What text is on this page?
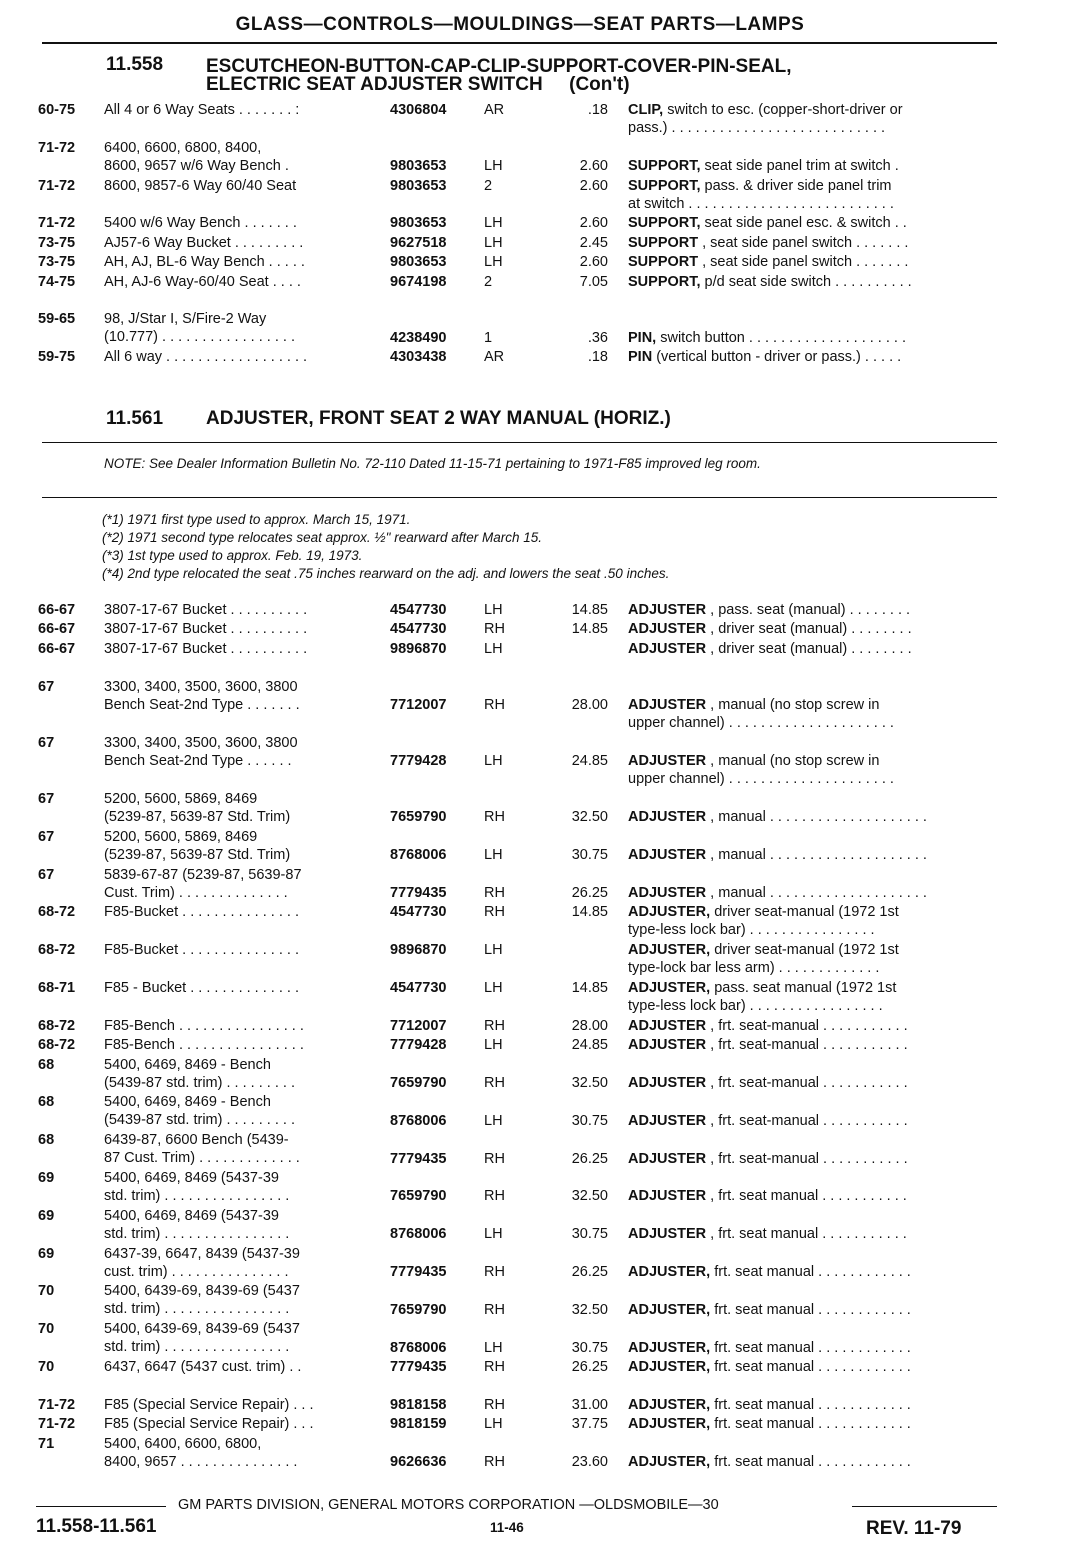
GLASS—CONTROLS—MOULDINGS—SEAT PARTS—LAMPS
11.558 ESCUTCHEON-BUTTON-CAP-CLIP-SUPPORT-COVER-PIN-SEAL,
ELECTRIC SEAT ADJUSTER SWITCH     (Con't)
60-75	All 4 or 6 Way Seats . . . . . . . :	4306804	AR	.18 CLIP, switch to esc. (copper-short-driver or
pass.) . . . . . . . . . . . . . . . . . . . . . . . . . . .
71-72	6400, 6600, 6800, 8400,
8600, 9657 w/6 Way Bench .	9803653	LH	2.60 SUPPORT, seat side panel trim at switch .
71-72	8600, 9857-6 Way 60/40 Seat	9803653	2	2.60 SUPPORT, pass. & driver side panel trim
at switch . . . . . . . . . . . . . . . . . . . . . . . . . .
71-72	5400 w/6 Way Bench . . . . . . .	9803653	LH	2.60 SUPPORT, seat side panel esc. & switch . .
73-75	AJ57-6 Way Bucket . . . . . . . . .	9627518	LH	2.45 SUPPORT , seat side panel switch . . . . . . .
73-75	AH, AJ, BL-6 Way Bench . . . . .	9803653	LH	2.60 SUPPORT , seat side panel switch . . . . . . .
74-75	AH, AJ-6 Way-60/40 Seat . . . .	9674198	2	7.05 SUPPORT, p/d seat side switch . . . . . . . . . .
59-65	98, J/Star I, S/Fire-2 Way
(10.777) . . . . . . . . . . . . . . . . .	4238490	1	.36 PIN, switch button . . . . . . . . . . . . . . . . . . . .
59-75	All 6 way . . . . . . . . . . . . . . . . . .	4303438	AR	.18 PIN (vertical button - driver or pass.) . . . . .
11.561 ADJUSTER, FRONT SEAT 2 WAY MANUAL (HORIZ.)
NOTE: See Dealer Information Bulletin No. 72-110 Dated 11-15-71 pertaining to 1971-F85 improved leg room.
(*1) 1971 first type used to approx. March 15, 1971.
(*2) 1971 second type relocates seat approx. ½" rearward after March 15.
(*3) 1st type used to approx. Feb. 19, 1973.
(*4) 2nd type relocated the seat .75 inches rearward on the adj. and lowers the seat .50 inches.
66-67	3807-17-67 Bucket . . . . . . . . . .	4547730	LH	14.85 ADJUSTER , pass. seat (manual) . . . . . . . .
66-67	3807-17-67 Bucket . . . . . . . . . .	4547730	RH	14.85 ADJUSTER , driver seat (manual) . . . . . . . .
66-67	3807-17-67 Bucket . . . . . . . . . .	9896870	LH	ADJUSTER , driver seat (manual) . . . . . . . .
67	3300, 3400, 3500, 3600, 3800
Bench Seat-2nd Type . . . . . . .	7712007	RH	28.00 ADJUSTER , manual (no stop screw in
upper channel) . . . . . . . . . . . . . . . . . . . . .
67	3300, 3400, 3500, 3600, 3800
Bench Seat-2nd Type . . . . . .	7779428	LH	24.85 ADJUSTER , manual (no stop screw in
upper channel) . . . . . . . . . . . . . . . . . . . . .
67	5200, 5600, 5869, 8469
(5239-87, 5639-87 Std. Trim)	7659790	RH	32.50 ADJUSTER , manual . . . . . . . . . . . . . . . . . . . .
67	5200, 5600, 5869, 8469
(5239-87, 5639-87 Std. Trim)	8768006	LH	30.75 ADJUSTER , manual . . . . . . . . . . . . . . . . . . . .
67	5839-67-87 (5239-87, 5639-87
Cust. Trim) . . . . . . . . . . . . . .	7779435	RH	26.25 ADJUSTER , manual . . . . . . . . . . . . . . . . . . . .
68-72	F85-Bucket . . . . . . . . . . . . . . .	4547730	RH	14.85 ADJUSTER, driver seat-manual (1972 1st
type-less lock bar) . . . . . . . . . . . . . . . .
68-72	F85-Bucket . . . . . . . . . . . . . . .	9896870	LH	ADJUSTER, driver seat-manual (1972 1st
type-lock bar less arm) . . . . . . . . . . . . .
68-71	F85 - Bucket . . . . . . . . . . . . . .	4547730	LH	14.85 ADJUSTER, pass. seat manual (1972 1st
type-less lock bar) . . . . . . . . . . . . . . . . .
68-72	F85-Bench . . . . . . . . . . . . . . . .	7712007	RH	28.00 ADJUSTER , frt. seat-manual . . . . . . . . . . .
68-72	F85-Bench . . . . . . . . . . . . . . . .	7779428	LH	24.85 ADJUSTER , frt. seat-manual . . . . . . . . . . .
68	5400, 6469, 8469 - Bench
(5439-87 std. trim) . . . . . . . . .	7659790	RH	32.50 ADJUSTER , frt. seat-manual . . . . . . . . . . .
68	5400, 6469, 8469 - Bench
(5439-87 std. trim) . . . . . . . . .	8768006	LH	30.75 ADJUSTER , frt. seat-manual . . . . . . . . . . .
68	6439-87, 6600 Bench (5439-
87 Cust. Trim) . . . . . . . . . . . . .	7779435	RH	26.25 ADJUSTER , frt. seat-manual . . . . . . . . . . .
69	5400, 6469, 8469 (5437-39
std. trim) . . . . . . . . . . . . . . . .	7659790	RH	32.50 ADJUSTER , frt. seat manual . . . . . . . . . . .
69	5400, 6469, 8469 (5437-39
std. trim) . . . . . . . . . . . . . . . .	8768006	LH	30.75 ADJUSTER , frt. seat manual . . . . . . . . . . .
69	6437-39, 6647, 8439 (5437-39
cust. trim) . . . . . . . . . . . . . . .	7779435	RH	26.25 ADJUSTER, frt. seat manual . . . . . . . . . . . .
70	5400, 6439-69, 8439-69 (5437
std. trim) . . . . . . . . . . . . . . . .	7659790	RH	32.50 ADJUSTER, frt. seat manual . . . . . . . . . . . .
70	5400, 6439-69, 8439-69 (5437
std. trim) . . . . . . . . . . . . . . . .	8768006	LH	30.75 ADJUSTER, frt. seat manual . . . . . . . . . . . .
70	6437, 6647 (5437 cust. trim) . .	7779435	RH	26.25 ADJUSTER, frt. seat manual . . . . . . . . . . . .
71-72	F85 (Special Service Repair) . . .	9818158	RH	31.00 ADJUSTER, frt. seat manual . . . . . . . . . . . .
71-72	F85 (Special Service Repair) . . .	9818159	LH	37.75 ADJUSTER, frt. seat manual . . . . . . . . . . . .
71	5400, 6400, 6600, 6800,
8400, 9657 . . . . . . . . . . . . . . .	9626636	RH	23.60 ADJUSTER, frt. seat manual . . . . . . . . . . . .
GM PARTS DIVISION, GENERAL MOTORS CORPORATION —OLDSMOBILE—30
11.558-11.561	11-46	REV. 11-79
